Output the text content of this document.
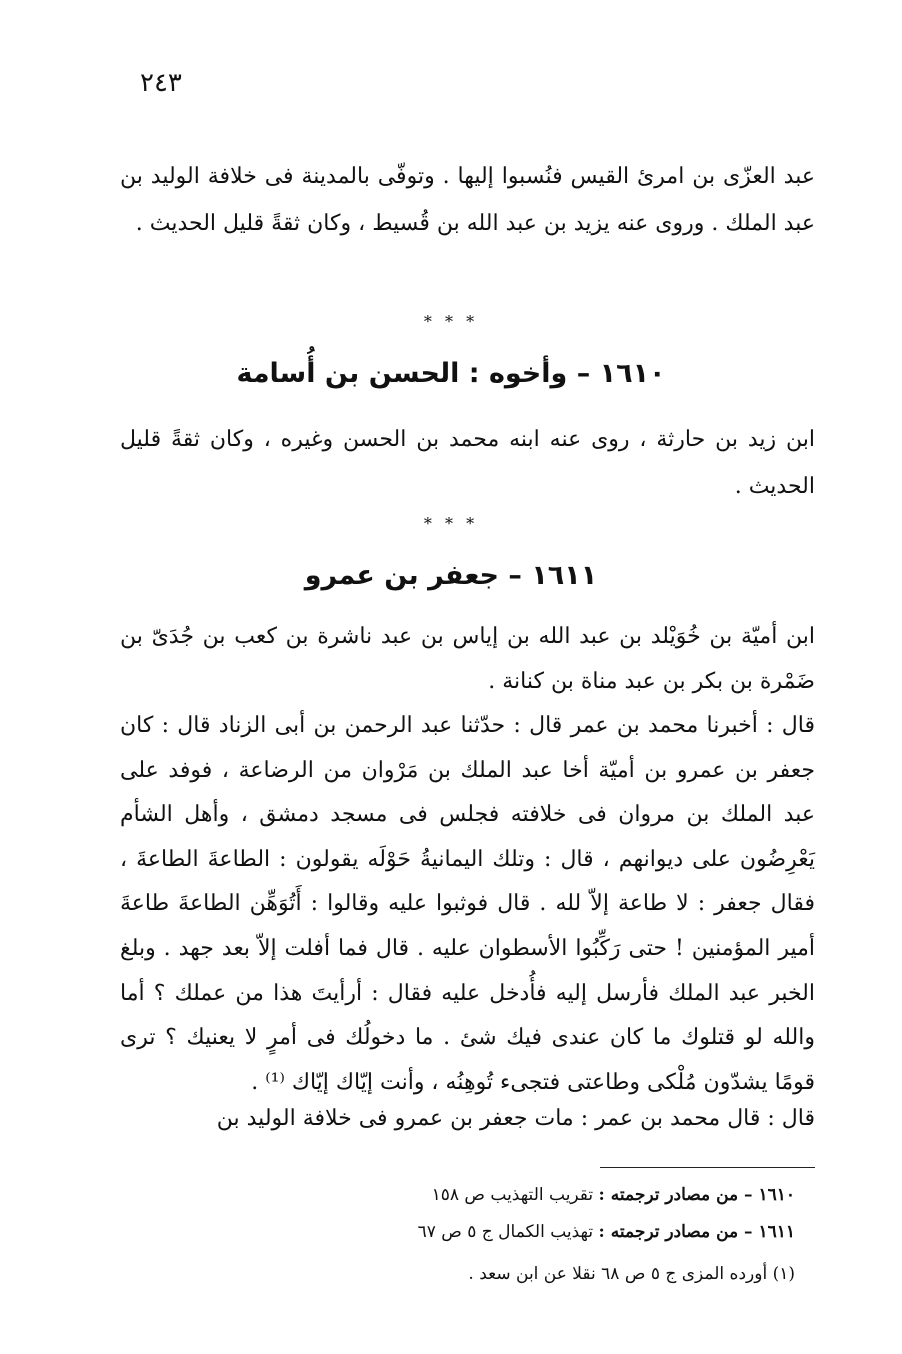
٢٤٣
عبد العزّى بن امرئ القيس فنُسبوا إليها . وتوفّى بالمدينة فى خلافة الوليد بن عبد الملك . وروى عنه يزيد بن عبد الله بن قُسيط ، وكان ثقةً قليل الحديث .
* * *
١٦١٠ – وأخوه : الحسن بن أُسامة
ابن زيد بن حارثة ، روى عنه ابنه محمد بن الحسن وغيره ، وكان ثقةً قليل الحديث .
* * *
١٦١١ – جعفر بن عمرو
ابن أميّة بن خُوَيْلد بن عبد الله بن إياس بن عبد ناشرة بن كعب بن جُدَىّ بن ضَمْرة بن بكر بن عبد مناة بن كنانة .
قال : أخبرنا محمد بن عمر قال : حدّثنا عبد الرحمن بن أبى الزناد قال : كان جعفر بن عمرو بن أميّة أخا عبد الملك بن مَرْوان من الرضاعة ، فوفد على عبد الملك بن مروان فى خلافته فجلس فى مسجد دمشق ، وأهل الشأم يَعْرِضُون على ديوانهم ، قال : وتلك اليمانيةُ حَوْلَه يقولون : الطاعةَ الطاعةَ ، فقال جعفر : لا طاعة إلاّ لله . قال فوثبوا عليه وقالوا : أَتُوَهِّن الطاعةَ طاعةَ أمير المؤمنين ! حتى رَكِّبُوا الأسطوان عليه . قال فما أفلت إلاّ بعد جهد . وبلغ الخبر عبد الملك فأرسل إليه فأُدخل عليه فقال : أرأيتَ هذا من عملك ؟ أما والله لو قتلوك ما كان عندى فيك شئ . ما دخولُك فى أمرٍ لا يعنيك ؟ ترى قومًا يشدّون مُلْكى وطاعتى فتجىء تُوهِنُه ، وأنت إيّاك إيّاك ⁽¹⁾ .
قال : قال محمد بن عمر : مات جعفر بن عمرو فى خلافة الوليد بن
١٦١٠ – من مصادر ترجمته : تقريب التهذيب ص ١٥٨
١٦١١ – من مصادر ترجمته : تهذيب الكمال ج ٥ ص ٦٧
(١) أورده المزى ج ٥ ص ٦٨ نقلا عن ابن سعد .
